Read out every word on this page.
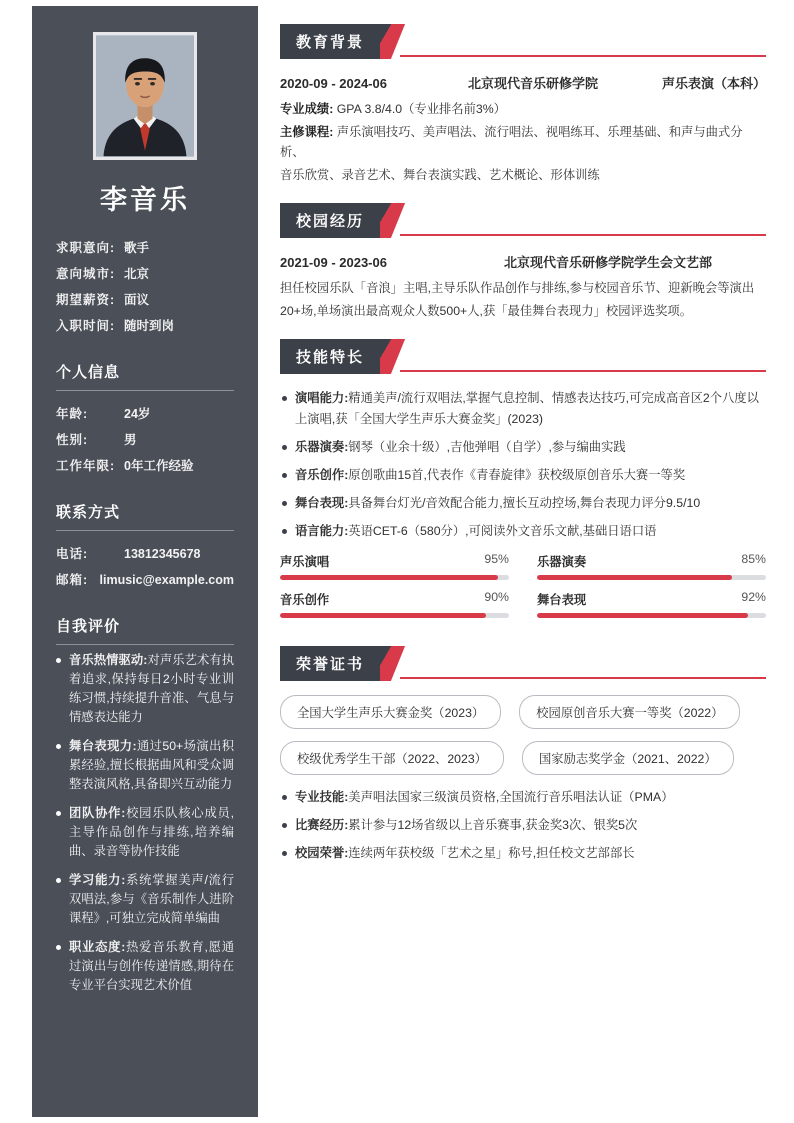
李音乐
求职意向: 歌手
意向城市: 北京
期望薪资: 面议
入职时间: 随时到岗
个人信息
年龄:	24岁
性别:	男
工作年限: 0年工作经验
联系方式
电话:	13812345678
邮箱: limusic@example.com
自我评价
音乐热情驱动:对声乐艺术有执着追求,保持每日2小时专业训练习惯,持续提升音准、气息与情感表达能力
舞台表现力:通过50+场演出积累经验,擅长根据曲风和受众调整表演风格,具备即兴互动能力
团队协作:校园乐队核心成员,主导作品创作与排练,培养编曲、录音等协作技能
学习能力:系统掌握美声/流行双唱法,参与《音乐制作人进阶课程》,可独立完成简单编曲
职业态度:热爱音乐教育,愿通过演出与创作传递情感,期待在专业平台实现艺术价值
教育背景
2020-09 - 2024-06	北京现代音乐研修学院	声乐表演（本科）
专业成绩: GPA 3.8/4.0（专业排名前3%）
主修课程: 声乐演唱技巧、美声唱法、流行唱法、视唱练耳、乐理基础、和声与曲式分析、
音乐欣赏、录音艺术、舞台表演实践、艺术概论、形体训练
校园经历
2021-09 - 2023-06	北京现代音乐研修学院学生会文艺部
担任校园乐队「音浪」主唱,主导乐队作品创作与排练,参与校园音乐节、迎新晚会等演出
20+场,单场演出最高观众人数500+人,获「最佳舞台表现力」校园评选奖项。
技能特长
演唱能力:精通美声/流行双唱法,掌握气息控制、情感表达技巧,可完成高音区2个八度以上演唱,获「全国大学生声乐大赛金奖」(2023)
乐器演奏:钢琴（业余十级）,吉他弹唱（自学）,参与编曲实践
音乐创作:原创歌曲15首,代表作《青春旋律》获校级原创音乐大赛一等奖
舞台表现:具备舞台灯光/音效配合能力,擅长互动控场,舞台表现力评分9.5/10
语言能力:英语CET-6（580分）,可阅读外文音乐文献,基础日语口语
声乐演唱	95% 乐器演奏	85%
音乐创作	90% 舞台表现	92%
荣誉证书
全国大学生声乐大赛金奖（2023）	校园原创音乐大赛一等奖（2022）
校级优秀学生干部（2022、2023）	国家励志奖学金（2021、2022）
专业技能:美声唱法国家三级演员资格,全国流行音乐唱法认证（PMA）
比赛经历:累计参与12场省级以上音乐赛事,获金奖3次、银奖5次
校园荣誉:连续两年获校级「艺术之星」称号,担任校文艺部部长
